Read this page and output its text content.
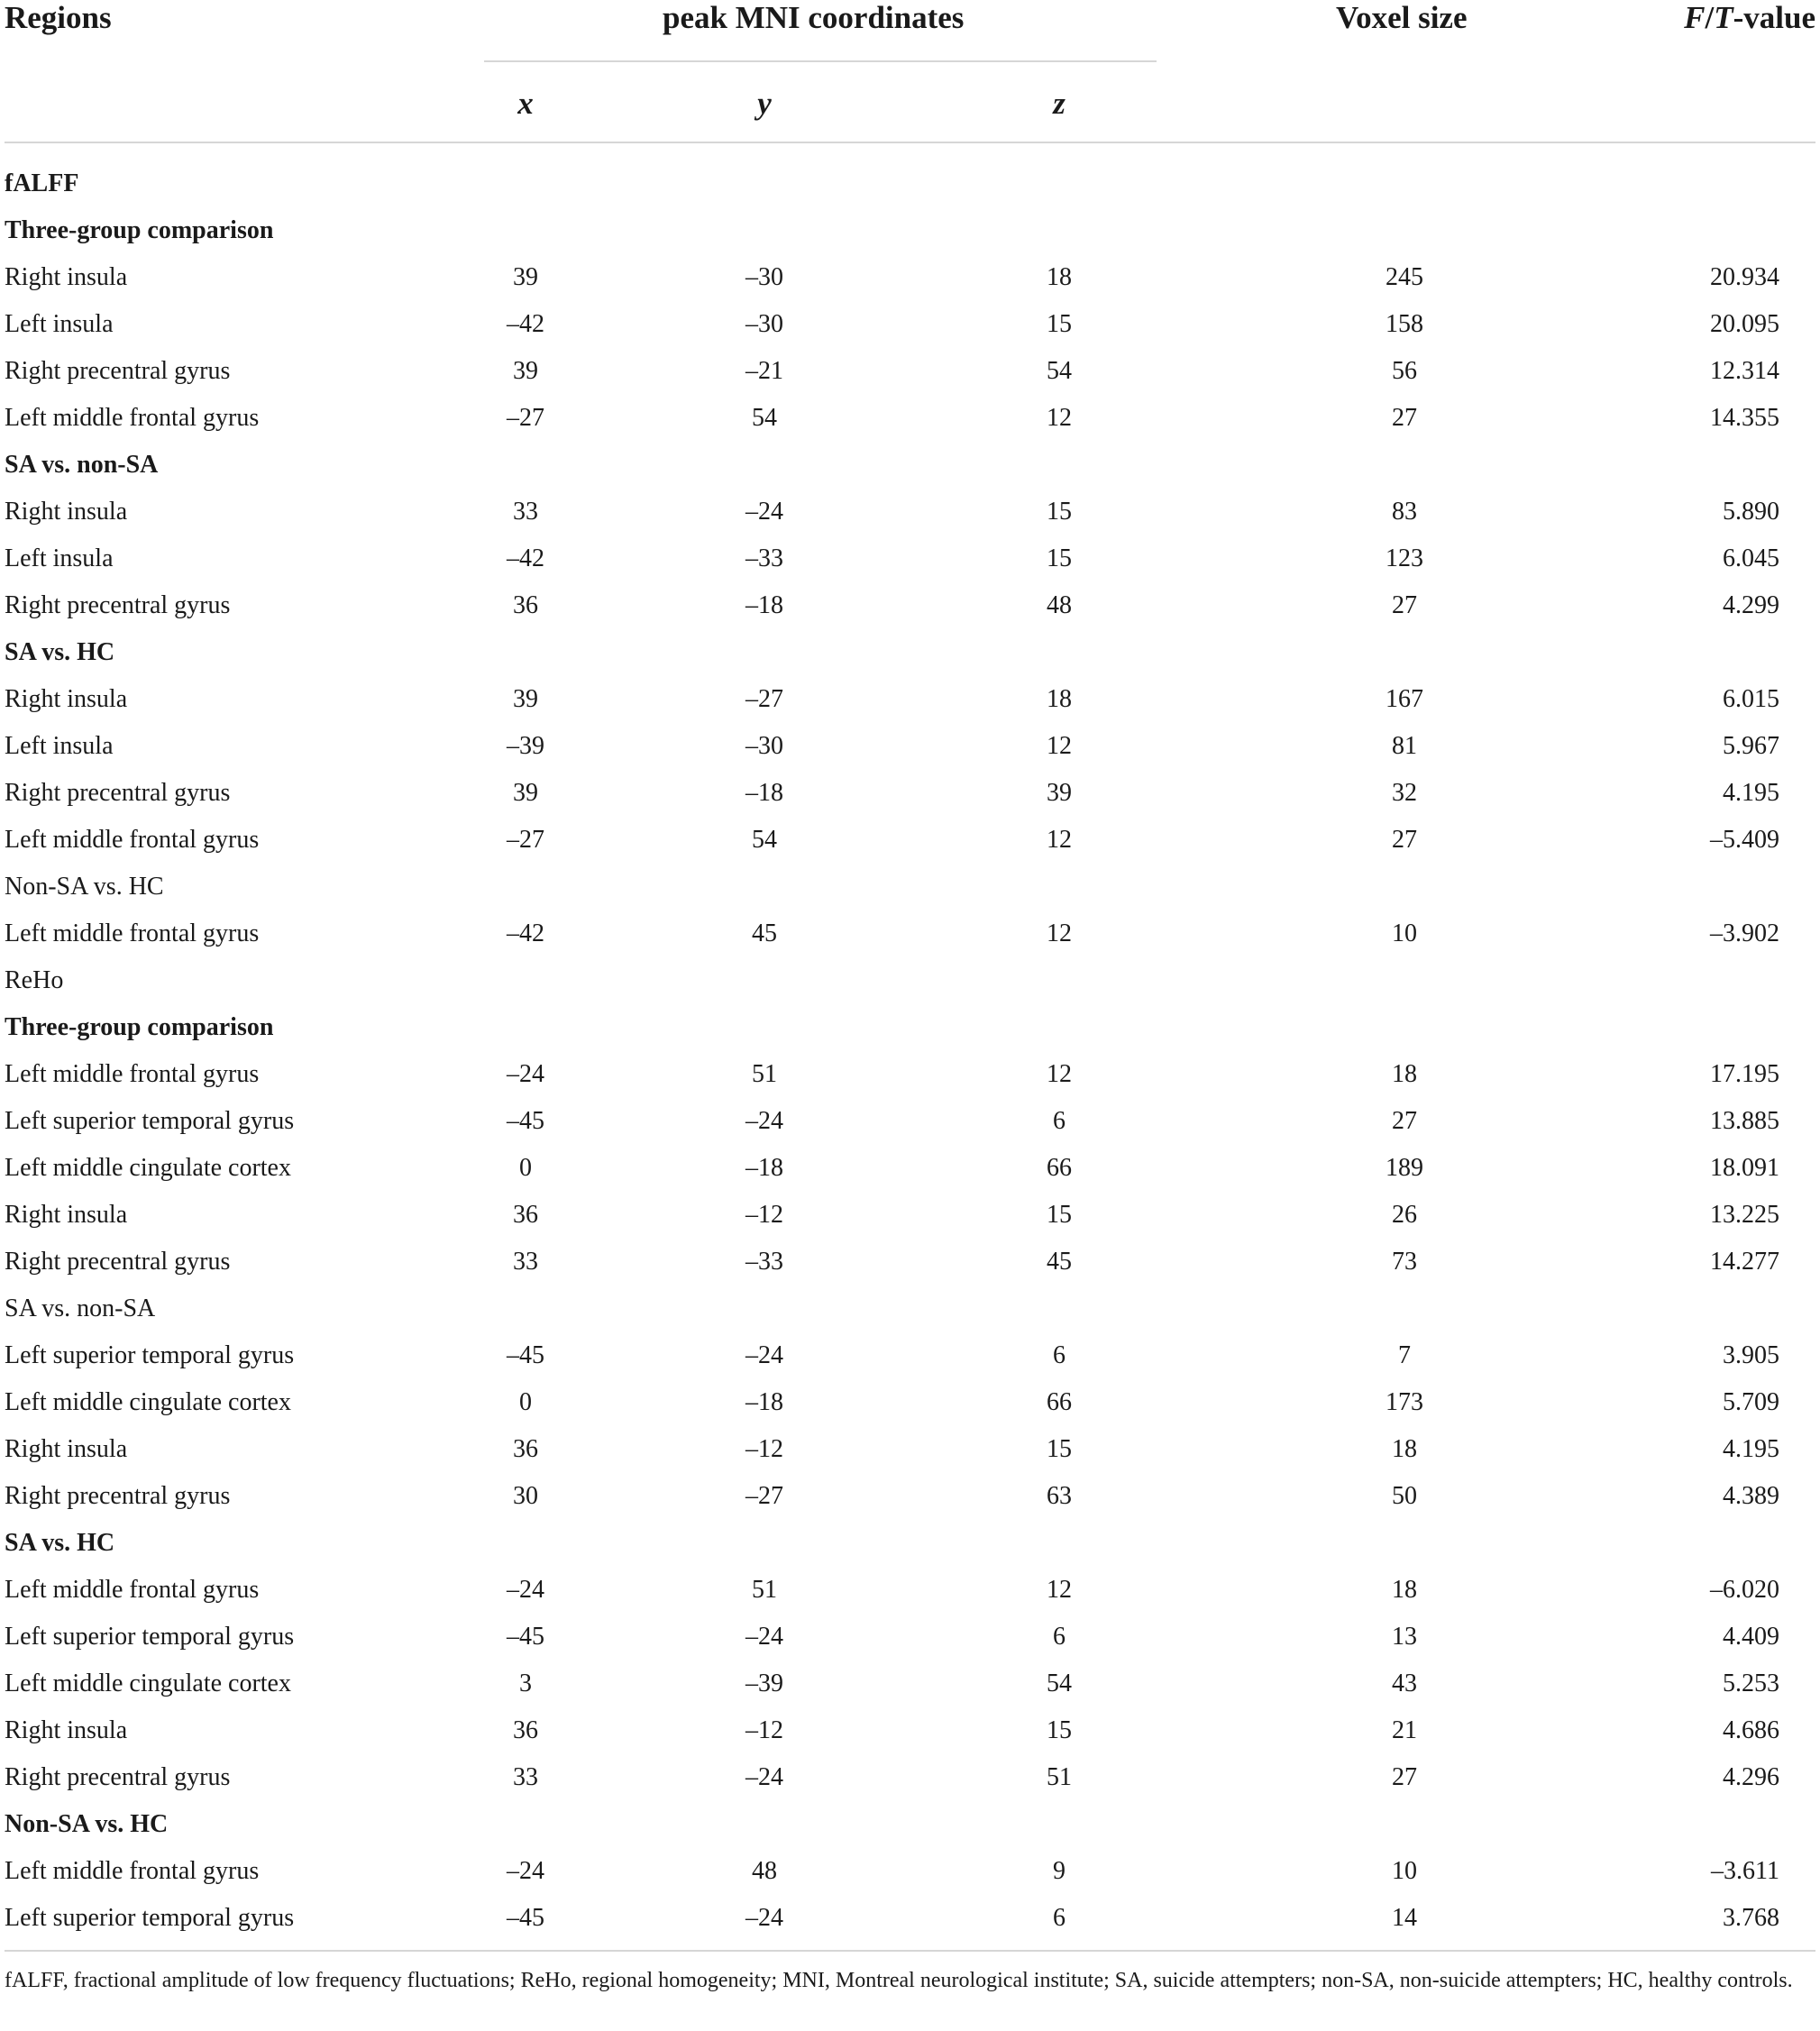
Regions	peak MNI coordinates	Voxel size	F/T-value
x	y	z
fALFF
Three-group comparison
Right insula	39	–30	18	245	20.934
Left insula	–42	–30	15	158	20.095
Right precentral gyrus	39	–21	54	56	12.314
Left middle frontal gyrus	–27	54	12	27	14.355
SA vs. non-SA
Right insula	33	–24	15	83	5.890
Left insula	–42	–33	15	123	6.045
Right precentral gyrus	36	–18	48	27	4.299
SA vs. HC
Right insula	39	–27	18	167	6.015
Left insula	–39	–30	12	81	5.967
Right precentral gyrus	39	–18	39	32	4.195
Left middle frontal gyrus	–27	54	12	27	–5.409
Non-SA vs. HC
Left middle frontal gyrus	–42	45	12	10	–3.902
ReHo
Three-group comparison
Left middle frontal gyrus	–24	51	12	18	17.195
Left superior temporal gyrus	–45	–24	6	27	13.885
Left middle cingulate cortex	0	–18	66	189	18.091
Right insula	36	–12	15	26	13.225
Right precentral gyrus	33	–33	45	73	14.277
SA vs. non-SA
Left superior temporal gyrus	–45	–24	6	7	3.905
Left middle cingulate cortex	0	–18	66	173	5.709
Right insula	36	–12	15	18	4.195
Right precentral gyrus	30	–27	63	50	4.389
SA vs. HC
Left middle frontal gyrus	–24	51	12	18	–6.020
Left superior temporal gyrus	–45	–24	6	13	4.409
Left middle cingulate cortex	3	–39	54	43	5.253
Right insula	36	–12	15	21	4.686
Right precentral gyrus	33	–24	51	27	4.296
Non-SA vs. HC
Left middle frontal gyrus	–24	48	9	10	–3.611
Left superior temporal gyrus	–45	–24	6	14	3.768
fALFF, fractional amplitude of low frequency fluctuations; ReHo, regional homogeneity; MNI, Montreal neurological institute; SA, suicide attempters; non-SA, non-suicide attempters; HC, healthy controls.
